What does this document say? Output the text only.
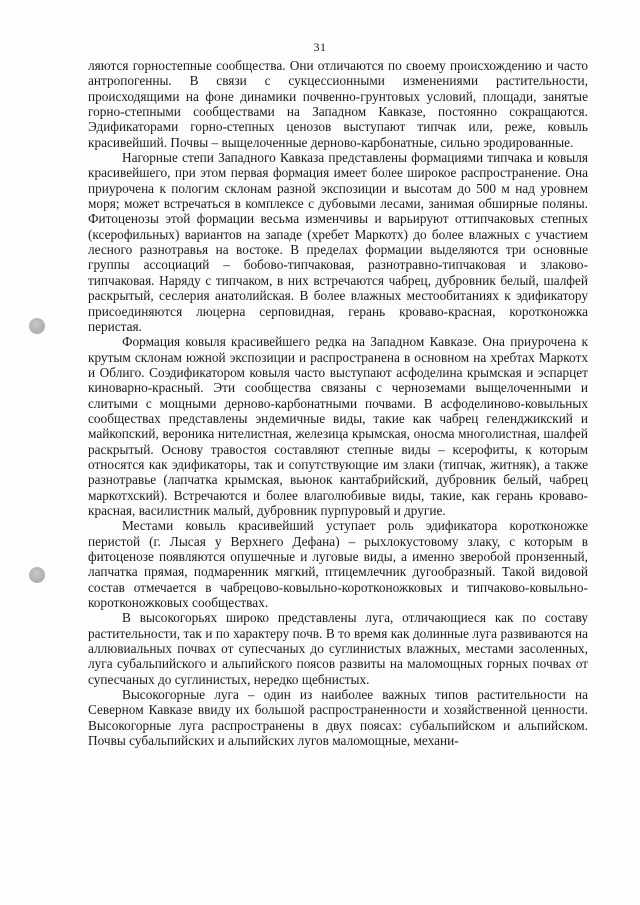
31

ляются горностепные сообщества. Они отличаются по своему происхождению и часто антропогенны. В связи с сукцессионными изменениями растительности, происходящими на фоне динамики почвенно-грунтовых условий, площади, занятые горно-степными сообществами на Западном Кавказе, постоянно сокращаются. Эдификаторами горно-степных ценозов выступают типчак или, реже, ковыль красивейший. Почвы – выщелоченные дерново-карбонатные, сильно эродированные.

Нагорные степи Западного Кавказа представлены формациями типчака и ковыля красивейшего, при этом первая формация имеет более широкое распространение. Она приурочена к пологим склонам разной экспозиции и высотам до 500 м над уровнем моря; может встречаться в комплексе с дубовыми лесами, занимая обширные поляны. Фитоценозы этой формации весьма изменчивы и варьируют оттипчаковых степных (ксерофильных) вариантов на западе (хребет Маркотх) до более влажных с участием лесного разнотравья на востоке. В пределах формации выделяются три основные группы ассоциаций – бобово-типчаковая, разнотравно-типчаковая и злаково-типчаковая. Наряду с типчаком, в них встречаются чабрец, дубровник белый, шалфей раскрытый, сеслерия анатолийская. В более влажных местообитаниях к эдификатору присоединяются люцерна серповидная, герань кроваво-красная, коротконожка перистая.

Формация ковыля красивейшего редка на Западном Кавказе. Она приурочена к крутым склонам южной экспозиции и распространена в основном на хребтах Маркотх и Облиго. Соэдификатором ковыля часто выступают асфоделина крымская и эспарцет киноварно-красный. Эти сообщества связаны с черноземами выщелоченными и слитыми с мощными дерново-карбонатными почвами. В асфоделиново-ковыльных сообществах представлены эндемичные виды, такие как чабрец геленджикский и майкопский, вероника нителистная, железица крымская, оносма многолистная, шалфей раскрытый. Основу травостоя составляют степные виды – ксерофиты, к которым относятся как эдификаторы, так и сопутствующие им злаки (типчак, житняк), а также разнотравье (лапчатка крымская, вьюнок кантабрийский, дубровник белый, чабрец маркотхский). Встречаются и более влаголюбивые виды, такие, как герань кроваво-красная, василистник малый, дубровник пурпуровый и другие.

Местами ковыль красивейший уступает роль эдификатора коротконожке перистой (г. Лысая у Верхнего Дефана) – рыхлокустовому злаку, с которым в фитоценозе появляются опушечные и луговые виды, а именно зверобой пронзенный, лапчатка прямая, подмаренник мягкий, птицемлечник дугообразный. Такой видовой состав отмечается в чабрецово-ковыльно-коротконожковых и типчаково-ковыльно-коротконожковых сообществах.

В высокогорьях широко представлены луга, отличающиеся как по составу растительности, так и по характеру почв. В то время как долинные луга развиваются на аллювиальных почвах от супесчаных до суглинистых влажных, местами засоленных, луга субальпийского и альпийского поясов развиты на маломощных горных почвах от супесчаных до суглинистых, нередко щебнистых.

Высокогорные луга – один из наиболее важных типов растительности на Северном Кавказе ввиду их большой распространенности и хозяйственной ценности. Высокогорные луга распространены в двух поясах: субальпийском и альпийском. Почвы субальпийских и альпийских лугов маломощные, механи-
